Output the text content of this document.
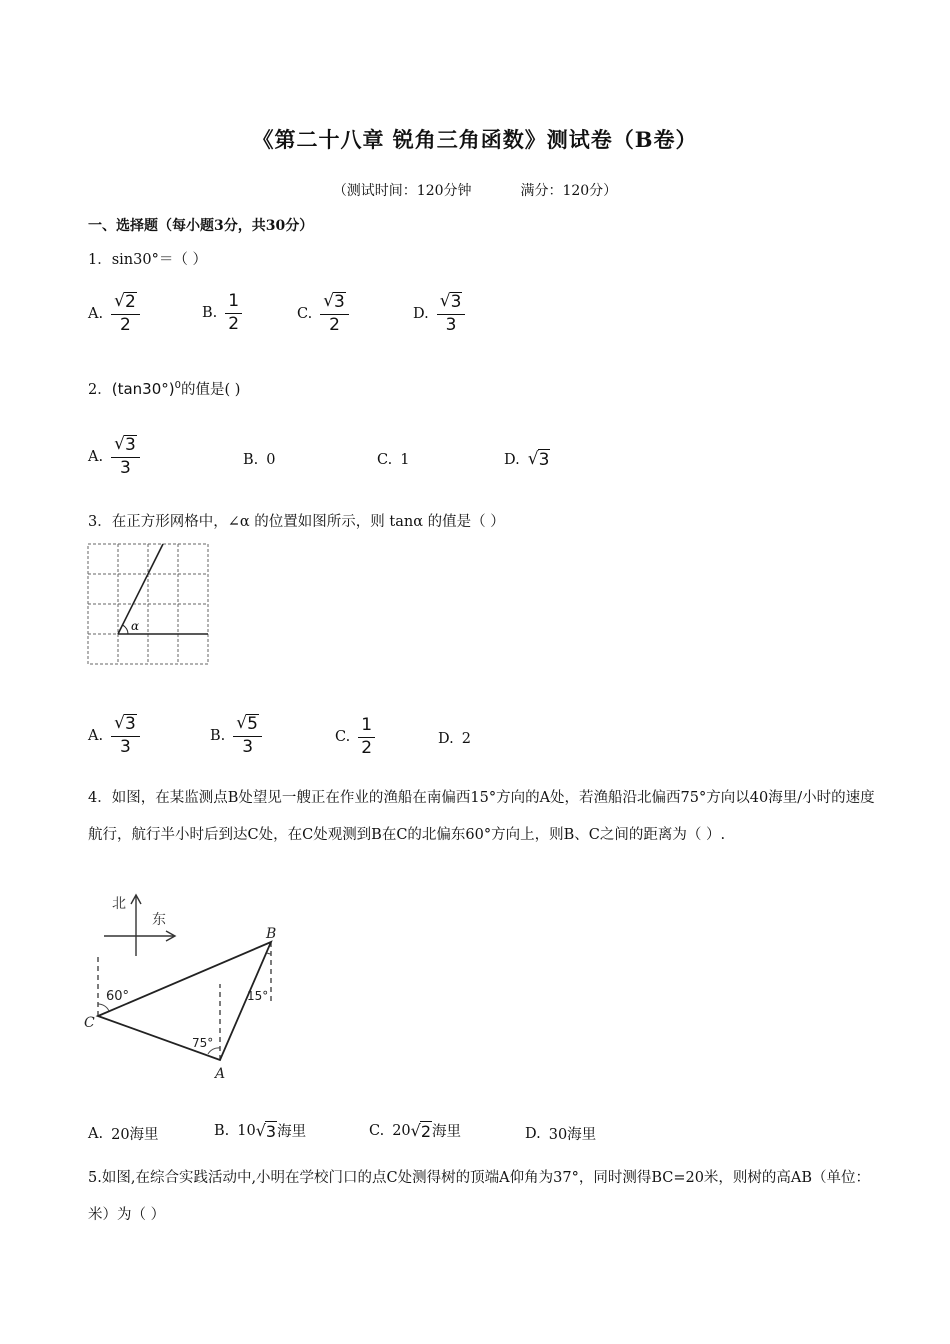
《第二十八章 锐角三角函数》测试卷（B卷）
（测试时间：120分钟	满分：120分）
一、选择题（每小题3分，共30分）
1．sin30°＝（ ）
A. $\frac{√ 2}{2}$	B. $\frac{1}{2}$	C. $\frac{√ 3}{2}$	D. $\frac{√ 3}{3}$
2．$(\tan 30^\circ)^0$的值是( )
A. $\frac{√ 3}{3}$	B. 0	C. 1	D. √ 3
3．在正方形网格中，∠α 的位置如图所示，则 tanα 的值是（ ）
α
A. $\frac{√ 3}{3}$	B. $\frac{√ 5}{3}$	C. $\frac{1}{2}$	D. 2
4．如图，在某监测点B处望见一艘正在作业的渔船在南偏西15°方向的A处，若渔船沿北偏西75°方向以40海里/小时的速度航行，航行半小时后到达C处，在C处观测到B在C的北偏东60°方向上，则B、C之间的距离为（ ）.
北
东
C
B
A
60°
75°
15°
A. 20海里	B. 10 √ 3 海里	C. 20 √ 2 海里	D. 30海里
5.如图,在综合实践活动中,小明在学校门口的点C处测得树的顶端A仰角为37°，同时测得BC=20米，则树的高AB（单位：米）为（ ）
